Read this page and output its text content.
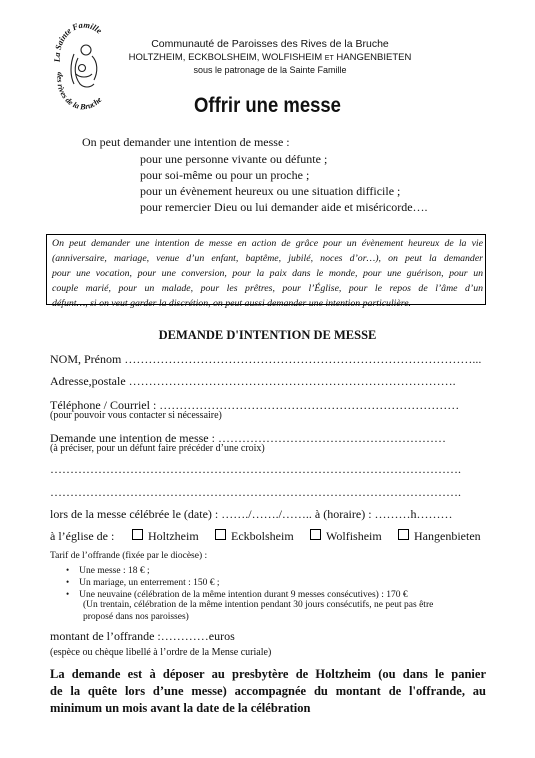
La Sainte Famille
des rives de la Bruche
Communauté de Paroisses des Rives de la Bruche
HOLTZHEIM, ECKBOLSHEIM, WOLFISHEIM et HANGENBIETEN
sous le patronage de la Sainte Famille
Offrir une messe
On peut demander une intention de messe :
pour une personne vivante ou défunte ;
pour soi-même ou pour un proche ;
pour un évènement heureux ou une situation difficile ;
pour remercier Dieu ou lui demander aide et miséricorde….
On peut demander une intention de messe en action de grâce pour un évènement heureux de la vie
(anniversaire, mariage, venue d’un enfant, baptême, jubilé, noces d’or…), on peut la demander
pour une vocation, pour une conversion, pour la paix dans le monde, pour une guérison, pour un
couple marié, pour un malade, pour les prêtres, pour l’Église, pour le repos de l’âme d’un
défunt…, si on veut garder la discrétion, on peut aussi demander une intention particulière.
DEMANDE D'INTENTION DE MESSE
NOM, Prénom ……………………………………………………………………………...
Adresse,postale ……………………………………………………………………….
Téléphone / Courriel : …………………………………………………………………
(pour pouvoir vous contacter si nécessaire)
Demande une intention de messe : …………………………………………………
(à préciser, pour un défunt faire précéder d’une croix)
………………………………………………………………………………………….
………………………………………………………………………………………….
lors de la messe célébrée le (date) : ……./……./…….. à (horaire) : ………h………
à l’église de :	Holtzheim	Eckbolsheim	Wolfisheim	Hangenbieten
Tarif de l’offrande (fixée par le diocèse) :
• Une messe : 18 € ;
• Un mariage, un enterrement : 150 € ;
• Une neuvaine (célébration de la même intention durant 9 messes consécutives) : 170 €
(Un trentain, célébration de la même intention pendant 30 jours consécutifs, ne peut pas être
proposé dans nos paroisses)
montant de l’offrande :…………euros
(espèce ou chèque libellé à l’ordre de la Mense curiale)
La demande est à déposer au presbytère de Holtzheim (ou dans le panier
de la quête lors d’une messe) accompagnée du montant de l'offrande, au
minimum un mois avant la date de la célébration
